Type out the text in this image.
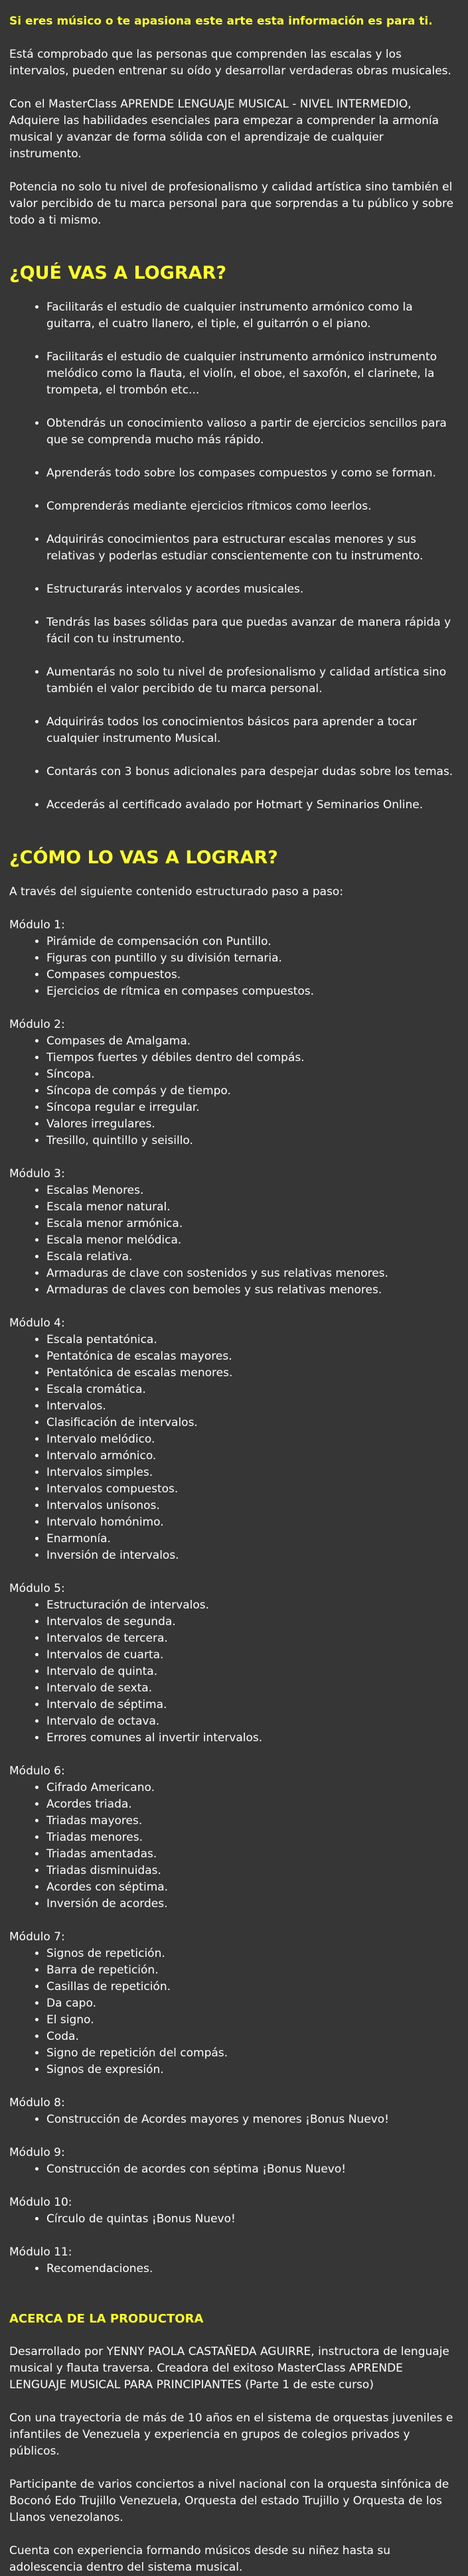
Si eres músico o te apasiona este arte esta información es para ti.

Está comprobado que las personas que comprenden las escalas y los intervalos, pueden entrenar su oído y desarrollar verdaderas obras musicales.

Con el MasterClass APRENDE LENGUAJE MUSICAL - NIVEL INTERMEDIO, Adquiere las habilidades esenciales para empezar a comprender la armonía musical y avanzar de forma sólida con el aprendizaje de cualquier instrumento.

Potencia no solo tu nivel de profesionalismo y calidad artística sino también el valor percibido de tu marca personal para que sorprendas a tu público y sobre todo a ti mismo.

¿QUÉ VAS A LOGRAR?
• Facilitarás el estudio de cualquier instrumento armónico como la guitarra, el cuatro llanero, el tiple, el guitarrón o el piano.
• Facilitarás el estudio de cualquier instrumento armónico instrumento melódico como la flauta, el violín, el oboe, el saxofón, el clarinete, la trompeta, el trombón etc...
• Obtendrás un conocimiento valioso a partir de ejercicios sencillos para que se comprenda mucho más rápido.
• Aprenderás todo sobre los compases compuestos y como se forman.
• Comprenderás mediante ejercicios rítmicos como leerlos.
• Adquirirás conocimientos para estructurar escalas menores y sus relativas y poderlas estudiar conscientemente con tu instrumento.
• Estructurarás intervalos y acordes musicales.
• Tendrás las bases sólidas para que puedas avanzar de manera rápida y fácil con tu instrumento.
• Aumentarás no solo tu nivel de profesionalismo y calidad artística sino también el valor percibido de tu marca personal.
• Adquirirás todos los conocimientos básicos para aprender a tocar cualquier instrumento Musical.
• Contarás con 3 bonus adicionales para despejar dudas sobre los temas.
• Accederás al certificado avalado por Hotmart y Seminarios Online.
¿CÓMO LO VAS A LOGRAR?

A través del siguiente contenido estructurado paso a paso:

Módulo 1:
• Pirámide de compensación con Puntillo.
• Figuras con puntillo y su división ternaria.
• Compases compuestos.
• Ejercicios de rítmica en compases compuestos.
Módulo 2:
• Compases de Amalgama.
• Tiempos fuertes y débiles dentro del compás.
• Síncopa.
• Síncopa de compás y de tiempo.
• Síncopa regular e irregular.
• Valores irregulares.
• Tresillo, quintillo y seisillo.
Módulo 3:
• Escalas Menores.
• Escala menor natural.
• Escala menor armónica.
• Escala menor melódica.
• Escala relativa.
• Armaduras de clave con sostenidos y sus relativas menores.
• Armaduras de claves con bemoles y sus relativas menores.
Módulo 4:
• Escala pentatónica.
• Pentatónica de escalas mayores.
• Pentatónica de escalas menores.
• Escala cromática.
• Intervalos.
• Clasificación de intervalos.
• Intervalo melódico.
• Intervalo armónico.
• Intervalos simples.
• Intervalos compuestos.
• Intervalos unísonos.
• Intervalo homónimo.
• Enarmonía.
• Inversión de intervalos.
Módulo 5:
• Estructuración de intervalos.
• Intervalos de segunda.
• Intervalos de tercera.
• Intervalos de cuarta.
• Intervalo de quinta.
• Intervalo de sexta.
• Intervalo de séptima.
• Intervalo de octava.
• Errores comunes al invertir intervalos.
Módulo 6:
• Cifrado Americano.
• Acordes triada.
• Triadas mayores.
• Triadas menores.
• Triadas amentadas.
• Triadas disminuidas.
• Acordes con séptima.
• Inversión de acordes.
Módulo 7:
• Signos de repetición.
• Barra de repetición.
• Casillas de repetición.
• Da capo.
• El signo.
• Coda.
• Signo de repetición del compás.
• Signos de expresión.
Módulo 8:
• Construcción de Acordes mayores y menores ¡Bonus Nuevo!
Módulo 9:
• Construcción de acordes con séptima ¡Bonus Nuevo!
Módulo 10:
• Círculo de quintas ¡Bonus Nuevo!
Módulo 11:
• Recomendaciones.
ACERCA DE LA PRODUCTORA

Desarrollado por YENNY PAOLA CASTAÑEDA AGUIRRE, instructora de lenguaje musical y flauta traversa. Creadora del exitoso MasterClass APRENDE LENGUAJE MUSICAL PARA PRINCIPIANTES (Parte 1 de este curso)

Con una trayectoria de más de 10 años en el sistema de orquestas juveniles e infantiles de Venezuela y experiencia en grupos de colegios privados y públicos.

Participante de varios conciertos a nivel nacional con la orquesta sinfónica de Boconó Edo Trujillo Venezuela, Orquesta del estado Trujillo y Orquesta de los Llanos venezolanos.

Cuenta con experiencia formando músicos desde su niñez hasta su adolescencia dentro del sistema musical.
